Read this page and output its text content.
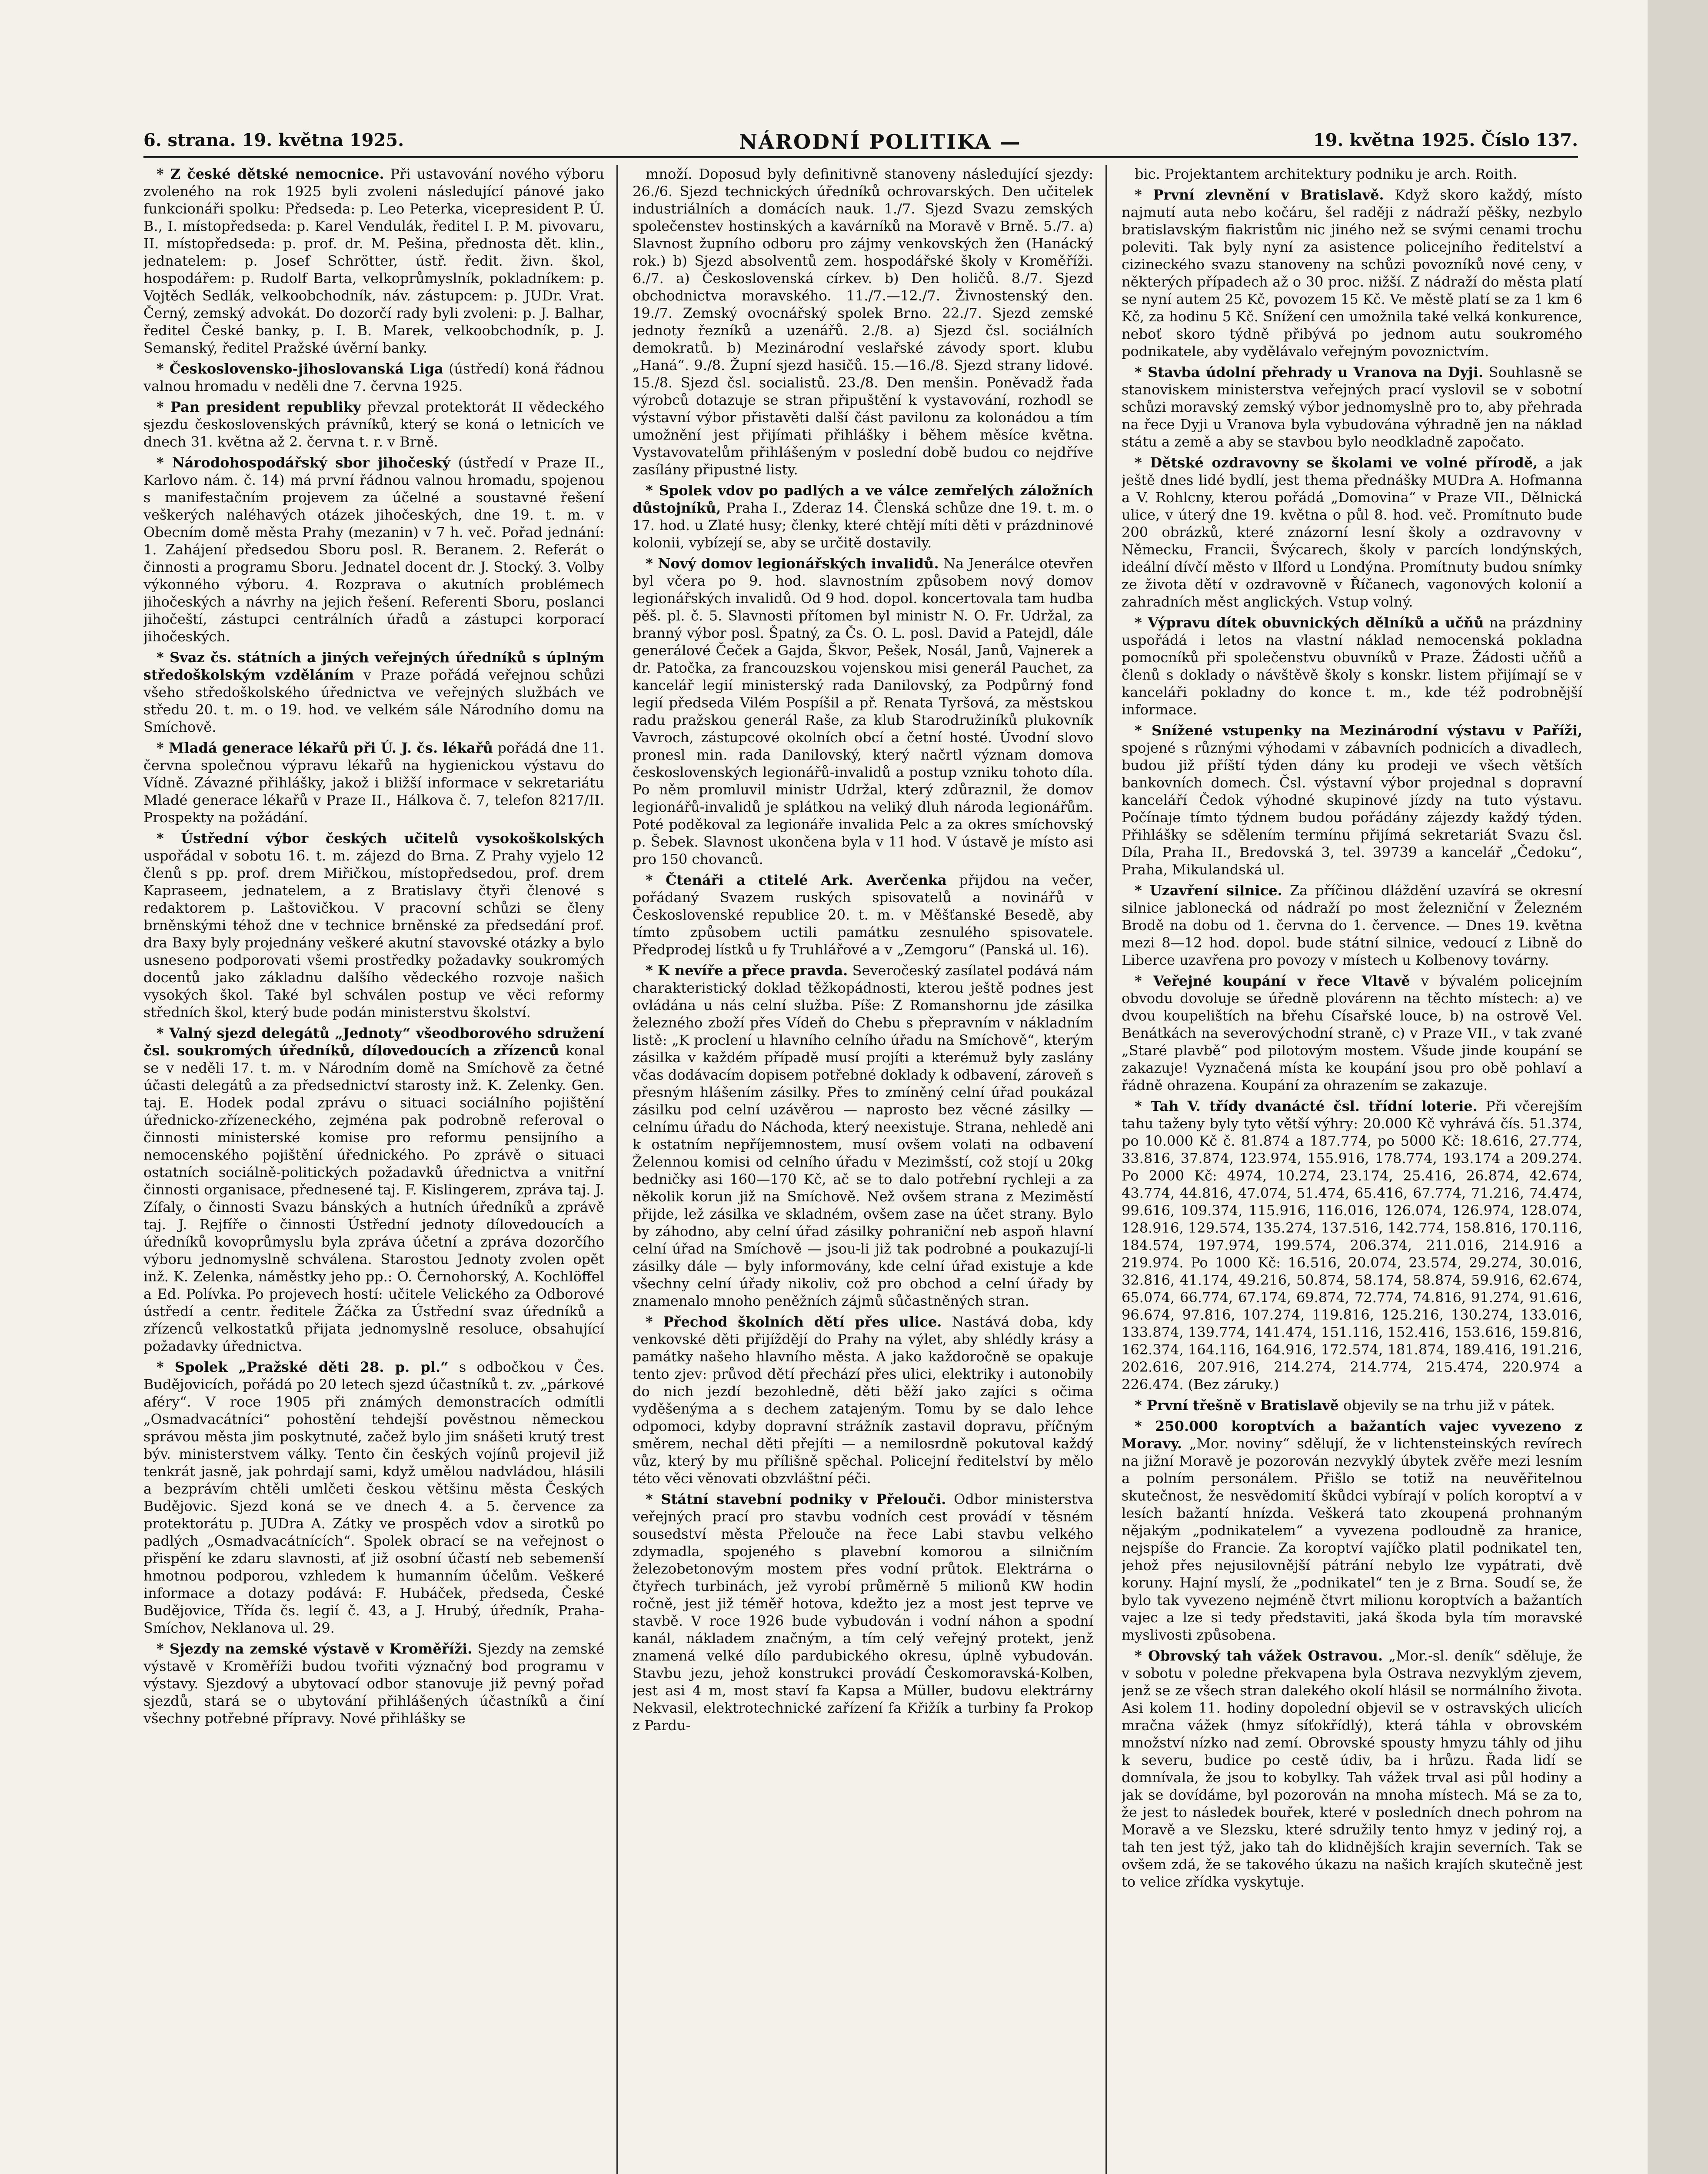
6. strana. 19. května 1925.	NÁRODNÍ POLITIKA —	19. května 1925. Číslo 137.

* Z české dětské nemocnice. Při ustavování nového výboru zvoleného na rok 1925 byli zvoleni následující pánové jako funkcionáři spolku: Předseda: p. Leo Peterka, vicepresident P. Ú. B., I. místopředseda: p. Karel Vendulák, ředitel I. P. M. pivovaru, II. místopředseda: p. prof. dr. M. Pešina, přednosta dět. klin., jednatelem: p. Josef Schrötter, ústř. ředit. živn. škol, hospodářem: p. Rudolf Barta, velkoprůmyslník, pokladníkem: p. Vojtěch Sedlák, velkoobchodník, náv. zástupcem: p. JUDr. Vrat. Černý, zemský advokát. Do dozorčí rady byli zvoleni: p. J. Balhar, ředitel České banky, p. I. B. Marek, velkoobchodník, p. J. Semanský, ředitel Pražské úvěrní banky.

* Československo-jihoslovanská Liga (ústředí) koná řádnou valnou hromadu v neděli dne 7. června 1925.

* Pan president republiky převzal protektorát II vědeckého sjezdu československých právníků, který se koná o letnicích ve dnech 31. května až 2. června t. r. v Brně.

* Národohospodářský sbor jihočeský (ústředí v Praze II., Karlovo nám. č. 14) má první řádnou valnou hromadu, spojenou s manifestačním projevem za účelné a soustavné řešení veškerých naléhavých otázek jihočeských, dne 19. t. m. v Obecním domě města Prahy (mezanin) v 7 h. več. Pořad jednání: 1. Zahájení předsedou Sboru posl. R. Beranem. 2. Referát o činnosti a programu Sboru. Jednatel docent dr. J. Stocký. 3. Volby výkonného výboru. 4. Rozprava o akutních problémech jihočeských a návrhy na jejich řešení. Referenti Sboru, poslanci jihočeští, zástupci centrálních úřadů a zástupci korporací jihočeských.

* Svaz čs. státních a jiných veřejných úředníků s úplným středoškolským vzděláním v Praze pořádá veřejnou schůzi všeho středoškolského úřednictva ve veřejných službách ve středu 20. t. m. o 19. hod. ve velkém sále Národního domu na Smíchově.

* Mladá generace lékařů při Ú. J. čs. lékařů pořádá dne 11. června společnou výpravu lékařů na hygienickou výstavu do Vídně. Závazné přihlášky, jakož i bližší informace v sekretariátu Mladé generace lékařů v Praze II., Hálkova č. 7, telefon 8217/II. Prospekty na požádání.

* Ústřední výbor českých učitelů vysokoškolských uspořádal v sobotu 16. t. m. zájezd do Brna. Z Prahy vyjelo 12 členů s pp. prof. drem Miřičkou, místopředsedou, prof. drem Kapraseem, jednatelem, a z Bratislavy čtyři členové s redaktorem p. Laštovičkou. V pracovní schůzi se členy brněnskými téhož dne v technice brněnské za předsedání prof. dra Baxy byly projednány veškeré akutní stavovské otázky a bylo usneseno podporovati všemi prostředky požadavky soukromých docentů jako základnu dalšího vědeckého rozvoje našich vysokých škol. Také byl schválen postup ve věci reformy středních škol, který bude podán ministerstvu školství.

* Valný sjezd delegátů „Jednoty“ všeodborového sdružení čsl. soukromých úředníků, dílovedoucích a zřízenců konal se v neděli 17. t. m. v Národním domě na Smíchově za četné účasti delegátů a za předsednictví starosty inž. K. Zelenky. Gen. taj. E. Hodek podal zprávu o situaci sociálního pojištění úřednicko-zřízeneckého, zejména pak podrobně referoval o činnosti ministerské komise pro reformu pensijního a nemocenského pojištění úřednického. Po zprávě o situaci ostatních sociálně-politických požadavků úřednictva a vnitřní činnosti organisace, přednesené taj. F. Kislingerem, zpráva taj. J. Zífaly, o činnosti Svazu bánských a hutních úředníků a zprávě taj. J. Rejfíře o činnosti Ústřední jednoty dílovedoucích a úředníků kovoprůmyslu byla zpráva účetní a zpráva dozorčího výboru jednomyslně schválena. Starostou Jednoty zvolen opět inž. K. Zelenka, náměstky jeho pp.: O. Černohorský, A. Kochlöffel a Ed. Polívka. Po projevech hostí: učitele Velického za Odborové ústředí a centr. ředitele Žáčka za Ústřední svaz úředníků a zřízenců velkostatků přijata jednomyslně resoluce, obsahující požadavky úřednictva.

* Spolek „Pražské děti 28. p. pl.“ s odbočkou v Čes. Budějovicích, pořádá po 20 letech sjezd účastníků t. zv. „párkové aféry“. V roce 1905 při známých demonstracích odmítli „Osmadvacátníci“ pohostění tehdejší pověstnou německou správou města jim poskytnuté, začež bylo jim snášeti krutý trest býv. ministerstvem války. Tento čin českých vojínů projevil již tenkrát jasně, jak pohrdají sami, když umělou nadvládou, hlásili a bezprávím chtěli umlčeti českou většinu města Českých Budějovic. Sjezd koná se ve dnech 4. a 5. července za protektorátu p. JUDra A. Zátky ve prospěch vdov a sirotků po padlých „Osmadvacátnících“. Spolek obrací se na veřejnost o přispění ke zdaru slavnosti, ať již osobní účastí neb sebemenší hmotnou podporou, vzhledem k humanním účelům. Veškeré informace a dotazy podává: F. Hubáček, předseda, České Budějovice, Třída čs. legií č. 43, a J. Hrubý, úředník, Praha-Smíchov, Neklanova ul. 29.

* Sjezdy na zemské výstavě v Kroměříži. Sjezdy na zemské výstavě v Kroměříži budou tvořiti význačný bod programu v výstavy. Sjezdový a ubytovací odbor stanovuje již pevný pořad sjezdů, stará se o ubytování přihlášených účastníků a činí všechny potřebné přípravy. Nové přihlášky se

množí. Doposud byly definitivně stanoveny následující sjezdy: 26./6. Sjezd technických úředníků ochrovarských. Den učitelek industriálních a domácích nauk. 1./7. Sjezd Svazu zemských společenstev hostinských a kavárníků na Moravě v Brně. 5./7. a) Slavnost župního odboru pro zájmy venkovských žen (Hanácký rok.) b) Sjezd absolventů zem. hospodářské školy v Kroměříži. 6./7. a) Československá církev. b) Den holičů. 8./7. Sjezd obchodnictva moravského. 11./7.—12./7. Živnostenský den. 19./7. Zemský ovocnářský spolek Brno. 22./7. Sjezd zemské jednoty řezníků a uzenářů. 2./8. a) Sjezd čsl. sociálních demokratů. b) Mezinárodní veslařské závody sport. klubu „Haná“. 9./8. Župní sjezd hasičů. 15.—16./8. Sjezd strany lidové. 15./8. Sjezd čsl. socialistů. 23./8. Den menšin. Poněvadž řada výrobců dotazuje se stran připuštění k vystavování, rozhodl se výstavní výbor přistavěti další část pavilonu za kolonádou a tím umožnění jest přijímati přihlášky i během měsíce května. Vystavovatelům přihlášeným v poslední době budou co nejdříve zasílány připustné listy.

* Spolek vdov po padlých a ve válce zemřelých záložních důstojníků, Praha I., Zderaz 14. Členská schůze dne 19. t. m. o 17. hod. u Zlaté husy; členky, které chtějí míti děti v prázdninové kolonii, vybízejí se, aby se určitě dostavily.

* Nový domov legionářských invalidů. Na Jenerálce otevřen byl včera po 9. hod. slavnostním způsobem nový domov legionářských invalidů. Od 9 hod. dopol. koncertovala tam hudba pěš. pl. č. 5. Slavnosti přítomen byl ministr N. O. Fr. Udržal, za branný výbor posl. Špatný, za Čs. O. L. posl. David a Patejdl, dále generálové Čeček a Gajda, Škvor, Pešek, Nosál, Janů, Vajnerek a dr. Patočka, za francouzskou vojenskou misi generál Pauchet, za kancelář legií ministerský rada Danilovský, za Podpůrný fond legií předseda Vilém Pospíšil a př. Renata Tyršová, za městskou radu pražskou generál Raše, za klub Starodružiníků plukovník Vavroch, zástupcové okolních obcí a četní hosté. Úvodní slovo pronesl min. rada Danilovský, který načrtl význam domova československých legionářů-invalidů a postup vzniku tohoto díla. Po něm promluvil ministr Udržal, který zdůraznil, že domov legionářů-invalidů je splátkou na veliký dluh národa legionářům. Poté poděkoval za legionáře invalida Pelc a za okres smíchovský p. Šebek. Slavnost ukončena byla v 11 hod. V ústavě je místo asi pro 150 chovanců.

* Čtenáři a ctitelé Ark. Averčenka přijdou na večer, pořádaný Svazem ruských spisovatelů a novinářů v Československé republice 20. t. m. v Měšťanské Besedě, aby tímto způsobem uctili památku zesnulého spisovatele. Předprodej lístků u fy Truhlářové a v „Zemgoru“ (Panská ul. 16).

* K nevíře a přece pravda. Severočeský zasílatel podává nám charakteristický doklad těžkopádnosti, kterou ještě podnes jest ovládána u nás celní služba. Píše: Z Romanshornu jde zásilka železného zboží přes Vídeň do Chebu s přepravním v nákladním listě: „K proclení u hlavního celního úřadu na Smíchově“, kterým zásilka v každém případě musí projíti a kterémuž byly zaslány včas dodávacím dopisem potřebné doklady k odbavení, zároveň s přesným hlášením zásilky. Přes to zmíněný celní úřad poukázal zásilku pod celní uzávěrou — naprosto bez věcné zásilky — celnímu úřadu do Náchoda, který neexistuje. Strana, nehledě ani k ostatním nepříjemnostem, musí ovšem volati na odbavení Želennou komisi od celního úřadu v Mezimšstí, což stojí u 20kg bedničky asi 160—170 Kč, ač se to dalo potřební rychleji a za několik korun již na Smíchově. Než ovšem strana z Meziměstí přijde, lež zásilka ve skladném, ovšem zase na účet strany. Bylo by záhodno, aby celní úřad zásilky pohraniční neb aspoň hlavní celní úřad na Smíchově — jsou-li již tak podrobné a poukazují-li zásilky dále — byly informovány, kde celní úřad existuje a kde všechny celní úřady nikoliv, což pro obchod a celní úřady by znamenalo mnoho peněžních zájmů sůčastněných stran.

* Přechod školních dětí přes ulice. Nastává doba, kdy venkovské děti přijíždějí do Prahy na výlet, aby shlédly krásy a památky našeho hlavního města. A jako každoročně se opakuje tento zjev: průvod dětí přechází přes ulici, elektriky i autonobily do nich jezdí bezohledně, děti běží jako zajíci s očima vyděšenýma a s dechem zatajeným. Tomu by se dalo lehce odpomoci, kdyby dopravní strážník zastavil dopravu, příčným směrem, nechal děti přejíti — a nemilosrdně pokutoval každý vůz, který by mu přílišně spěchal. Policejní ředitelství by mělo této věci věnovati obzvláštní péči.

* Státní stavební podniky v Přelouči. Odbor ministerstva veřejných prací pro stavbu vodních cest provádí v těsném sousedství města Přelouče na řece Labi stavbu velkého zdymadla, spojeného s plavební komorou a silničním železobetonovým mostem přes vodní průtok. Elektrárna o čtyřech turbinách, jež vyrobí průměrně 5 milionů KW hodin ročně, jest již téměř hotova, kdežto jez a most jest teprve ve stavbě. V roce 1926 bude vybudován i vodní náhon a spodní kanál, nákladem značným, a tím celý veřejný protekt, jenž znamená velké dílo pardubického okresu, úplně vybudován. Stavbu jezu, jehož konstrukci provádí Českomoravská-Kolben, jest asi 4 m, most staví fa Kapsa a Müller, budovu elektrárny Nekvasil, elektrotechnické zařízení fa Křižík a turbiny fa Prokop z Pardu-

bic. Projektantem architektury podniku je arch. Roith.

* První zlevnění v Bratislavě. Když skoro každý, místo najmutí auta nebo kočáru, šel raději z nádraží pěšky, nezbylo bratislavským fiakristům nic jiného než se svými cenami trochu poleviti. Tak byly nyní za asistence policejního ředitelství a cizineckého svazu stanoveny na schůzi povozníků nové ceny, v některých případech až o 30 proc. nižší. Z nádraží do města platí se nyní autem 25 Kč, povozem 15 Kč. Ve městě platí se za 1 km 6 Kč, za hodinu 5 Kč. Snížení cen umožnila také velká konkurence, neboť skoro týdně přibývá po jednom autu soukromého podnikatele, aby vydělávalo veřejným povoznictvím.

* Stavba údolní přehrady u Vranova na Dyji. Souhlasně se stanoviskem ministerstva veřejných prací vyslovil se v sobotní schůzi moravský zemský výbor jednomyslně pro to, aby přehrada na řece Dyji u Vranova byla vybudována výhradně jen na náklad státu a země a aby se stavbou bylo neodkladně započato.

* Dětské ozdravovny se školami ve volné přírodě, a jak ještě dnes lidé bydlí, jest thema přednášky MUDra A. Hofmanna a V. Rohlcny, kterou pořádá „Domovina“ v Praze VII., Dělnická ulice, v úterý dne 19. května o půl 8. hod. več. Promítnuto bude 200 obrázků, které znázorní lesní školy a ozdravovny v Německu, Francii, Švýcarech, školy v parcích londýnských, ideální dívčí město v Ilford u Londýna. Promítnuty budou snímky ze života dětí v ozdravovně v Říčanech, vagonových kolonií a zahradních měst anglických. Vstup volný.

* Výpravu dítek obuvnických dělníků a učňů na prázdniny uspořádá i letos na vlastní náklad nemocenská pokladna pomocníků při společenstvu obuvníků v Praze. Žádosti učňů a členů s doklady o návštěvě školy s konskr. listem přijímají se v kanceláři pokladny do konce t. m., kde též podrobnější informace.

* Snížené vstupenky na Mezinárodní výstavu v Paříži, spojené s různými výhodami v zábavních podnicích a divadlech, budou již příští týden dány ku prodeji ve všech větších bankovních domech. Čsl. výstavní výbor projednal s dopravní kanceláří Čedok výhodné skupinové jízdy na tuto výstavu. Počínaje tímto týdnem budou pořádány zájezdy každý týden. Přihlášky se sdělením termínu přijímá sekretariát Svazu čsl. Díla, Praha II., Bredovská 3, tel. 39739 a kancelář „Čedoku“, Praha, Mikulandská ul.

* Uzavření silnice. Za příčinou dláždění uzavírá se okresní silnice jablonecká od nádraží po most železniční v Železném Brodě na dobu od 1. června do 1. července. — Dnes 19. května mezi 8—12 hod. dopol. bude státní silnice, vedoucí z Libně do Liberce uzavřena pro povozy v místech u Kolbenovy továrny.

* Veřejné koupání v řece Vltavě v bývalém policejním obvodu dovoluje se úředně plovárenn na těchto místech: a) ve dvou koupelištích na břehu Císařské louce, b) na ostrově Vel. Benátkách na severovýchodní straně, c) v Praze VII., v tak zvané „Staré plavbě“ pod pilotovým mostem. Všude jinde koupání se zakazuje! Vyznačená místa ke koupání jsou pro obě pohlaví a řádně ohrazena. Koupání za ohrazením se zakazuje.

* Tah V. třídy dvanácté čsl. třídní loterie. Při včerejším tahu taženy byly tyto větší výhry: 20.000 Kč vyhrává čís. 51.374, po 10.000 Kč č. 81.874 a 187.774, po 5000 Kč: 18.616, 27.774, 33.816, 37.874, 123.974, 155.916, 178.774, 193.174 a 209.274. Po 2000 Kč: 4974, 10.274, 23.174, 25.416, 26.874, 42.674, 43.774, 44.816, 47.074, 51.474, 65.416, 67.774, 71.216, 74.474, 99.616, 109.374, 115.916, 116.016, 126.074, 126.974, 128.074, 128.916, 129.574, 135.274, 137.516, 142.774, 158.816, 170.116, 184.574, 197.974, 199.574, 206.374, 211.016, 214.916 a 219.974. Po 1000 Kč: 16.516, 20.074, 23.574, 29.274, 30.016, 32.816, 41.174, 49.216, 50.874, 58.174, 58.874, 59.916, 62.674, 65.074, 66.774, 67.174, 69.874, 72.774, 74.816, 91.274, 91.616, 96.674, 97.816, 107.274, 119.816, 125.216, 130.274, 133.016, 133.874, 139.774, 141.474, 151.116, 152.416, 153.616, 159.816, 162.374, 164.116, 164.916, 172.574, 181.874, 189.416, 191.216, 202.616, 207.916, 214.274, 214.774, 215.474, 220.974 a 226.474. (Bez záruky.)

* První třešně v Bratislavě objevily se na trhu již v pátek.

* 250.000 koroptvích a bažantích vajec vyvezeno z Moravy. „Mor. noviny“ sdělují, že v lichtensteinských revírech na jižní Moravě je pozorován nezvyklý úbytek zvěře mezi lesním a polním personálem. Přišlo se totiž na neuvěřitelnou skutečnost, že nesvědomití škůdci vybírají v polích koroptví a v lesích bažantí hnízda. Veškerá tato zkoupená prohnaným nějakým „podnikatelem“ a vyvezena podloudně za hranice, nejspíše do Francie. Za koroptví vajíčko platil podnikatel ten, jehož přes nejusilovnější pátrání nebylo lze vypátrati, dvě koruny. Hajní myslí, že „podnikatel“ ten je z Brna. Soudí se, že bylo tak vyvezeno nejméně čtvrt milionu koroptvích a bažantích vajec a lze si tedy představiti, jaká škoda byla tím moravské myslivosti způsobena.

* Obrovský tah vážek Ostravou. „Mor.-sl. deník“ sděluje, že v sobotu v poledne překvapena byla Ostrava nezvyklým zjevem, jenž se ze všech stran dalekého okolí hlásil se normálního života. Asi kolem 11. hodiny dopolední objevil se v ostravských ulicích mračna vážek (hmyz síťokřídlý), která táhla v obrovském množství nízko nad zemí. Obrovské spousty hmyzu táhly od jihu k severu, budice po cestě údiv, ba i hrůzu. Řada lidí se domnívala, že jsou to kobylky. Tah vážek trval asi půl hodiny a jak se dovídáme, byl pozorován na mnoha místech. Má se za to, že jest to následek bouřek, které v posledních dnech pohrom na Moravě a ve Slezsku, které sdružily tento hmyz v jediný roj, a tah ten jest týž, jako tah do klidnějších krajin severních. Tak se ovšem zdá, že se takového úkazu na našich krajích skutečně jest to velice zřídka vyskytuje.
